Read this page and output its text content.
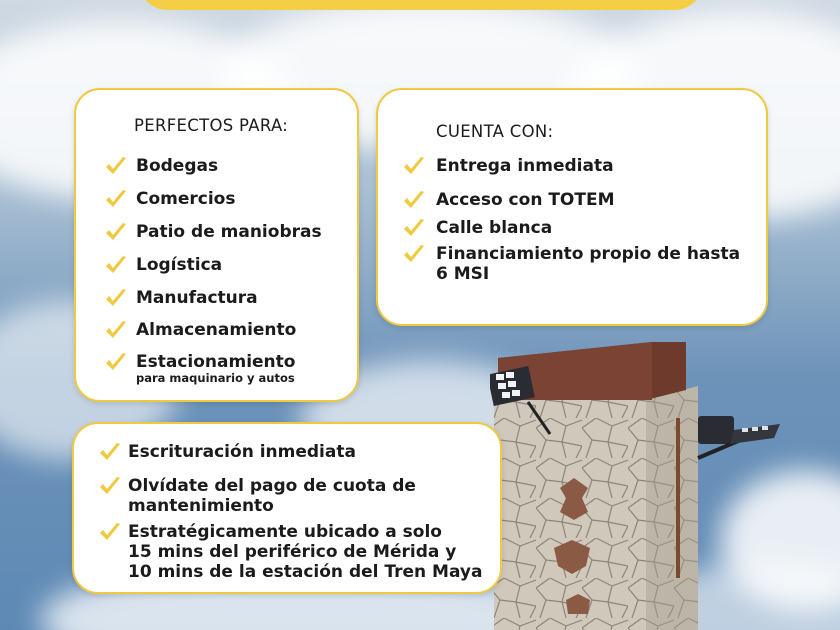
PERFECTOS PARA:
Bodegas
Comercios
Patio de maniobras
Logística
Manufactura
Almacenamiento
Estacionamiento
para maquinario y autos
CUENTA CON:
Entrega inmediata
Acceso con TOTEM
Calle blanca
Financiamiento propio de hasta
6 MSI
Escrituración inmediata
Olvídate del pago de cuota de
mantenimiento
Estratégicamente ubicado a solo
15 mins del periférico de Mérida y
10 mins de la estación del Tren Maya
